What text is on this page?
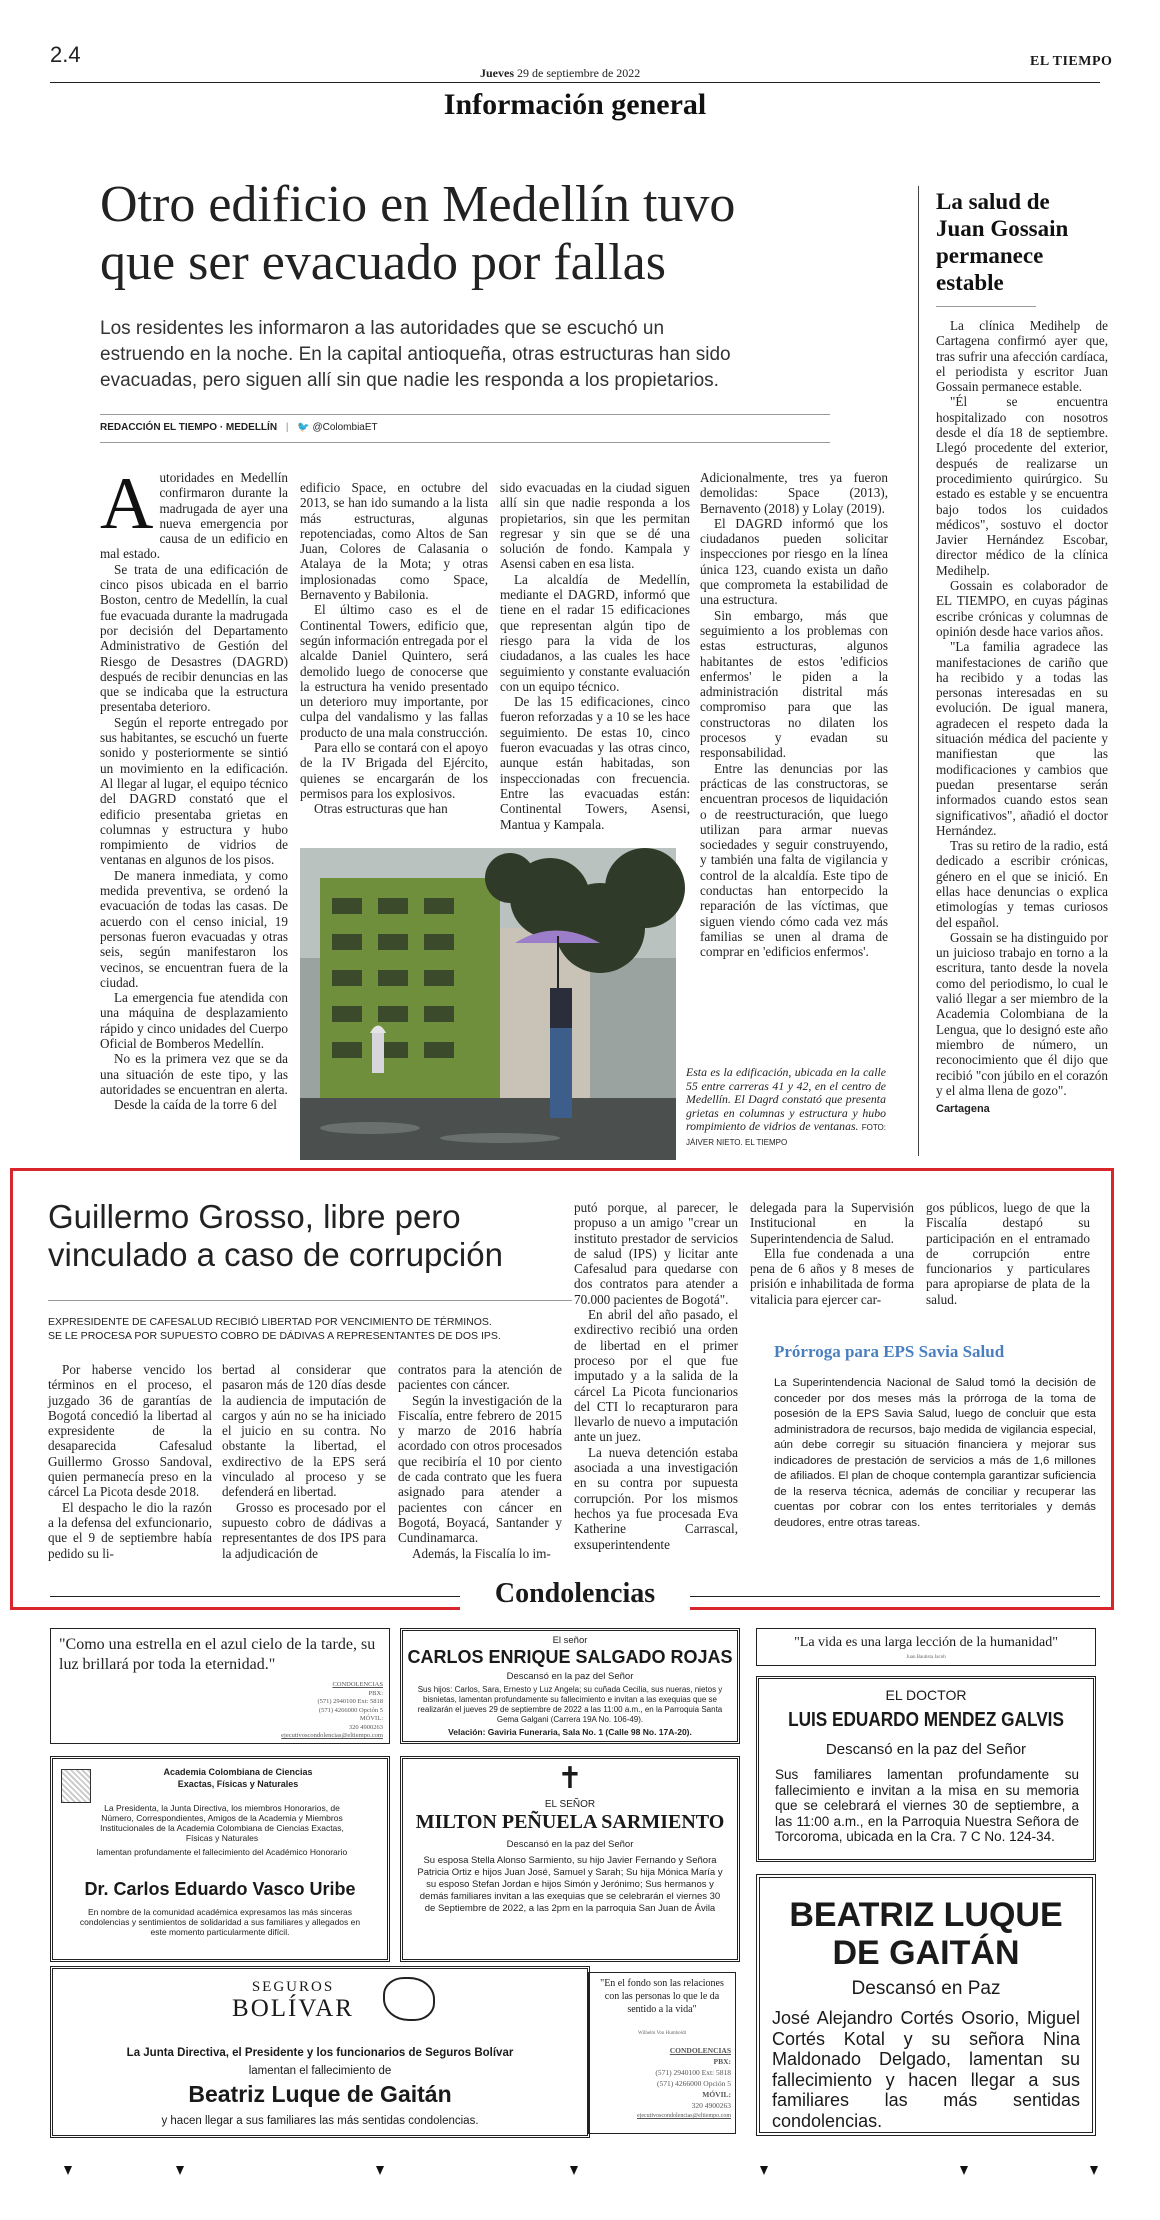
2.4
Jueves 29 de septiembre de 2022
EL TIEMPO
Información general
Otro edificio en Medellín tuvo
que ser evacuado por fallas
Los residentes les informaron a las autoridades que se escuchó un
estruendo en la noche. En la capital antioqueña, otras estructuras han sido
evacuadas, pero siguen allí sin que nadie les responda a los propietarios.
REDACCIÓN EL TIEMPO · MEDELLÍN | 🐦 @ColombiaET

Autoridades en Medellín confirmaron durante la madrugada de ayer una nueva emergencia por causa de un edificio en mal estado.

Se trata de una edificación de cinco pisos ubicada en el barrio Boston, centro de Medellín, la cual fue evacuada durante la madrugada por decisión del Departamento Administrativo de Gestión del Riesgo de Desastres (DAGRD) después de recibir denuncias en las que se indicaba que la estructura presentaba deterioro.

Según el reporte entregado por sus habitantes, se escuchó un fuerte sonido y posteriormente se sintió un movimiento en la edificación. Al llegar al lugar, el equipo técnico del DAGRD constató que el edificio presentaba grietas en columnas y estructura y hubo rompimiento de vidrios de ventanas en algunos de los pisos.

De manera inmediata, y como medida preventiva, se ordenó la evacuación de todas las casas. De acuerdo con el censo inicial, 19 personas fueron evacuadas y otras seis, según manifestaron los vecinos, se encuentran fuera de la ciudad.

La emergencia fue atendida con una máquina de desplazamiento rápido y cinco unidades del Cuerpo Oficial de Bomberos Medellín.

No es la primera vez que se da una situación de este tipo, y las autoridades se encuentran en alerta.

Desde la caída de la torre 6 del

edificio Space, en octubre del 2013, se han ido sumando a la lista más estructuras, algunas repotenciadas, como Altos de San Juan, Colores de Calasania o Atalaya de la Mota; y otras implosionadas como Space, Bernavento y Babilonia.

El último caso es el de Continental Towers, edificio que, según información entregada por el alcalde Daniel Quintero, será demolido luego de conocerse que la estructura ha venido presentado un deterioro muy importante, por culpa del vandalismo y las fallas producto de una mala construcción.

Para ello se contará con el apoyo de la IV Brigada del Ejército, quienes se encargarán de los permisos para los explosivos.

Otras estructuras que han

sido evacuadas en la ciudad siguen allí sin que nadie responda a los propietarios, sin que les permitan regresar y sin que se dé una solución de fondo. Kampala y Asensi caben en esa lista.

La alcaldía de Medellín, mediante el DAGRD, informó que tiene en el radar 15 edificaciones que representan algún tipo de riesgo para la vida de los ciudadanos, a las cuales les hace seguimiento y constante evaluación con un equipo técnico.

De las 15 edificaciones, cinco fueron reforzadas y a 10 se les hace seguimiento. De estas 10, cinco fueron evacuadas y las otras cinco, aunque están habitadas, son inspeccionadas con frecuencia. Entre las evacuadas están: Continental Towers, Asensi, Mantua y Kampala.

Adicionalmente, tres ya fueron demolidas: Space (2013), Bernavento (2018) y Lolay (2019).

El DAGRD informó que los ciudadanos pueden solicitar inspecciones por riesgo en la línea única 123, cuando exista un daño que comprometa la estabilidad de una estructura.

Sin embargo, más que seguimiento a los problemas con estas estructuras, algunos habitantes de estos 'edificios enfermos' le piden a la administración distrital más compromiso para que las constructoras no dilaten los procesos y evadan su responsabilidad.

Entre las denuncias por las prácticas de las constructoras, se encuentran procesos de liquidación o de reestructuración, que luego utilizan para armar nuevas sociedades y seguir construyendo, y también una falta de vigilancia y control de la alcaldía. Este tipo de conductas han entorpecido la reparación de las víctimas, que siguen viendo cómo cada vez más familias se unen al drama de comprar en 'edificios enfermos'.

Esta es la edificación, ubicada en la calle 55 entre carreras 41 y 42, en el centro de Medellín. El Dagrd constató que presenta grietas en columnas y estructura y hubo rompimiento de vidrios de ventanas. FOTO: JÁIVER NIETO. EL TIEMPO

La salud de
Juan Gossain
permanece
estable

La clínica Medihelp de Cartagena confirmó ayer que, tras sufrir una afección cardíaca, el periodista y escritor Juan Gossain permanece estable.

"Él se encuentra hospitalizado con nosotros desde el día 18 de septiembre. Llegó procedente del exterior, después de realizarse un procedimiento quirúrgico. Su estado es estable y se encuentra bajo todos los cuidados médicos", sostuvo el doctor Javier Hernández Escobar, director médico de la clínica Medihelp.

Gossain es colaborador de EL TIEMPO, en cuyas páginas escribe crónicas y columnas de opinión desde hace varios años.

"La familia agradece las manifestaciones de cariño que ha recibido y a todas las personas interesadas en su evolución. De igual manera, agradecen el respeto dada la situación médica del paciente y manifiestan que las modificaciones y cambios que puedan presentarse serán informados cuando estos sean significativos", añadió el doctor Hernández.

Tras su retiro de la radio, está dedicado a escribir crónicas, género en el que se inició. En ellas hace denuncias o explica etimologías y temas curiosos del español.

Gossain se ha distinguido por un juicioso trabajo en torno a la escritura, tanto desde la novela como del periodismo, lo cual le valió llegar a ser miembro de la Academia Colombiana de la Lengua, que lo designó este año miembro de número, un reconocimiento que él dijo que recibió "con júbilo en el corazón y el alma llena de gozo".

Cartagena

Guillermo Grosso, libre pero
vinculado a caso de corrupción
EXPRESIDENTE DE CAFESALUD RECIBIÓ LIBERTAD POR VENCIMIENTO DE TÉRMINOS.
SE LE PROCESA POR SUPUESTO COBRO DE DÁDIVAS A REPRESENTANTES DE DOS IPS.

Por haberse vencido los términos en el proceso, el juzgado 36 de garantías de Bogotá concedió la libertad al expresidente de la desaparecida Cafesalud Guillermo Grosso Sandoval, quien permanecía preso en la cárcel La Picota desde 2018.

El despacho le dio la razón a la defensa del exfuncionario, que el 9 de septiembre había pedido su li-

bertad al considerar que pasaron más de 120 días desde la audiencia de imputación de cargos y aún no se ha iniciado el juicio en su contra. No obstante la libertad, el exdirectivo de la EPS será vinculado al proceso y se defenderá en libertad.

Grosso es procesado por el supuesto cobro de dádivas a representantes de dos IPS para la adjudicación de

contratos para la atención de pacientes con cáncer.

Según la investigación de la Fiscalía, entre febrero de 2015 y marzo de 2016 habría acordado con otros procesados que recibiría el 10 por ciento de cada contrato que les fuera asignado para atender a pacientes con cáncer en Bogotá, Boyacá, Santander y Cundinamarca.

Además, la Fiscalía lo im-

putó porque, al parecer, le propuso a un amigo "crear un instituto prestador de servicios de salud (IPS) y licitar ante Cafesalud para quedarse con dos contratos para atender a 70.000 pacientes de Bogotá".

En abril del año pasado, el exdirectivo recibió una orden de libertad en el primer proceso por el que fue imputado y a la salida de la cárcel La Picota funcionarios del CTI lo recapturaron para llevarlo de nuevo a imputación ante un juez.

La nueva detención estaba asociada a una investigación en su contra por supuesta corrupción. Por los mismos hechos ya fue procesada Eva Katherine Carrascal, exsuperintendente

delegada para la Supervisión Institucional en la Superintendencia de Salud.

Ella fue condenada a una pena de 6 años y 8 meses de prisión e inhabilitada de forma vitalicia para ejercer car-

gos públicos, luego de que la Fiscalía destapó su participación en el entramado de corrupción entre funcionarios y particulares para apropiarse de plata de la salud.

Prórroga para EPS Savia Salud
La Superintendencia Nacional de Salud tomó la decisión de conceder por dos meses más la prórroga de la toma de posesión de la EPS Savia Salud, luego de concluir que esta administradora de recursos, bajo medida de vigilancia especial, aún debe corregir su situación financiera y mejorar sus indicadores de prestación de servicios a más de 1,6 millones de afiliados. El plan de choque contempla garantizar suficiencia de la reserva técnica, además de conciliar y recuperar las cuentas por cobrar con los entes territoriales y demás deudores, entre otras tareas.
Condolencias
"Como una estrella en el azul cielo de la tarde, su luz brillará por toda la eternidad."
CONDOLENCIAS
PBX:
(571) 2940100 Ext: 5818
(571) 4266000 Opción 5
MÓVIL:
320 4900263
ejecutivoscondolencias@eltiempo.com
El señor
CARLOS ENRIQUE SALGADO ROJAS
Descansó en la paz del Señor
Sus hijos: Carlos, Sara, Ernesto y Luz Angela; su cuñada Cecilia, sus nueras, nietos y bisnietas, lamentan profundamente su fallecimiento e invitan a las exequias que se realizarán el jueves 29 de septiembre de 2022 a las 11:00 a.m., en la Parroquia Santa Gema Galgani (Carrera 19A No. 106-49).
Velación: Gaviria Funeraria, Sala No. 1 (Calle 98 No. 17A-20).
"La vida es una larga lección de la humanidad"
Juan Bautista Jacob
EL DOCTOR
LUIS EDUARDO MENDEZ GALVIS
Descansó en la paz del Señor
Sus familiares lamentan profundamente su fallecimiento e invitan a la misa en su memoria que se celebrará el viernes 30 de septiembre, a las 11:00 a.m., en la Parroquia Nuestra Señora de Torcoroma, ubicada en la Cra. 7 C No. 124-34.
Academia Colombiana de Ciencias
Exactas, Físicas y Naturales
La Presidenta, la Junta Directiva, los miembros Honorarios, de Número, Correspondientes, Amigos de la Academia y Miembros Institucionales de la Academia Colombiana de Ciencias Exactas, Físicas y Naturales
lamentan profundamente el fallecimiento del Académico Honorario
Dr. Carlos Eduardo Vasco Uribe
En nombre de la comunidad académica expresamos las más sinceras condolencias y sentimientos de solidaridad a sus familiares y allegados en este momento particularmente difícil.
✝
EL SEÑOR
MILTON PEÑUELA SARMIENTO
Descansó en la paz del Señor
Su esposa Stella Alonso Sarmiento, su hijo Javier Fernando y Señora Patricia Ortiz e hijos Juan José, Samuel y Sarah; Su hija Mónica María y su esposo Stefan Jordan e hijos Simón y Jerónimo; Sus hermanos y demás familiares invitan a las exequias que se celebrarán el viernes 30 de Septiembre de 2022, a las 2pm en la parroquia San Juan de Ávila	BEATRIZ LUQUE
DE GAITÁN
Descansó en Paz
José Alejandro Cortés Osorio, Miguel Cortés Kotal y su señora Nina Maldonado Delgado, lamentan su fallecimiento y hacen llegar a sus familiares las más sentidas condolencias.
SEGUROS
BOLÍVAR
La Junta Directiva, el Presidente y los funcionarios de Seguros Bolívar
lamentan el fallecimiento de
Beatriz Luque de Gaitán
y hacen llegar a sus familiares las más sentidas condolencias.
"En el fondo son las relaciones con las personas lo que le da sentido a la vida"
Wilhelm Von Humboldt
CONDOLENCIAS
PBX:
(571) 2940100 Ext: 5818
(571) 4266000 Opción 5
MÓVIL:
320 4900263
ejecutivoscondolencias@eltiempo.com
